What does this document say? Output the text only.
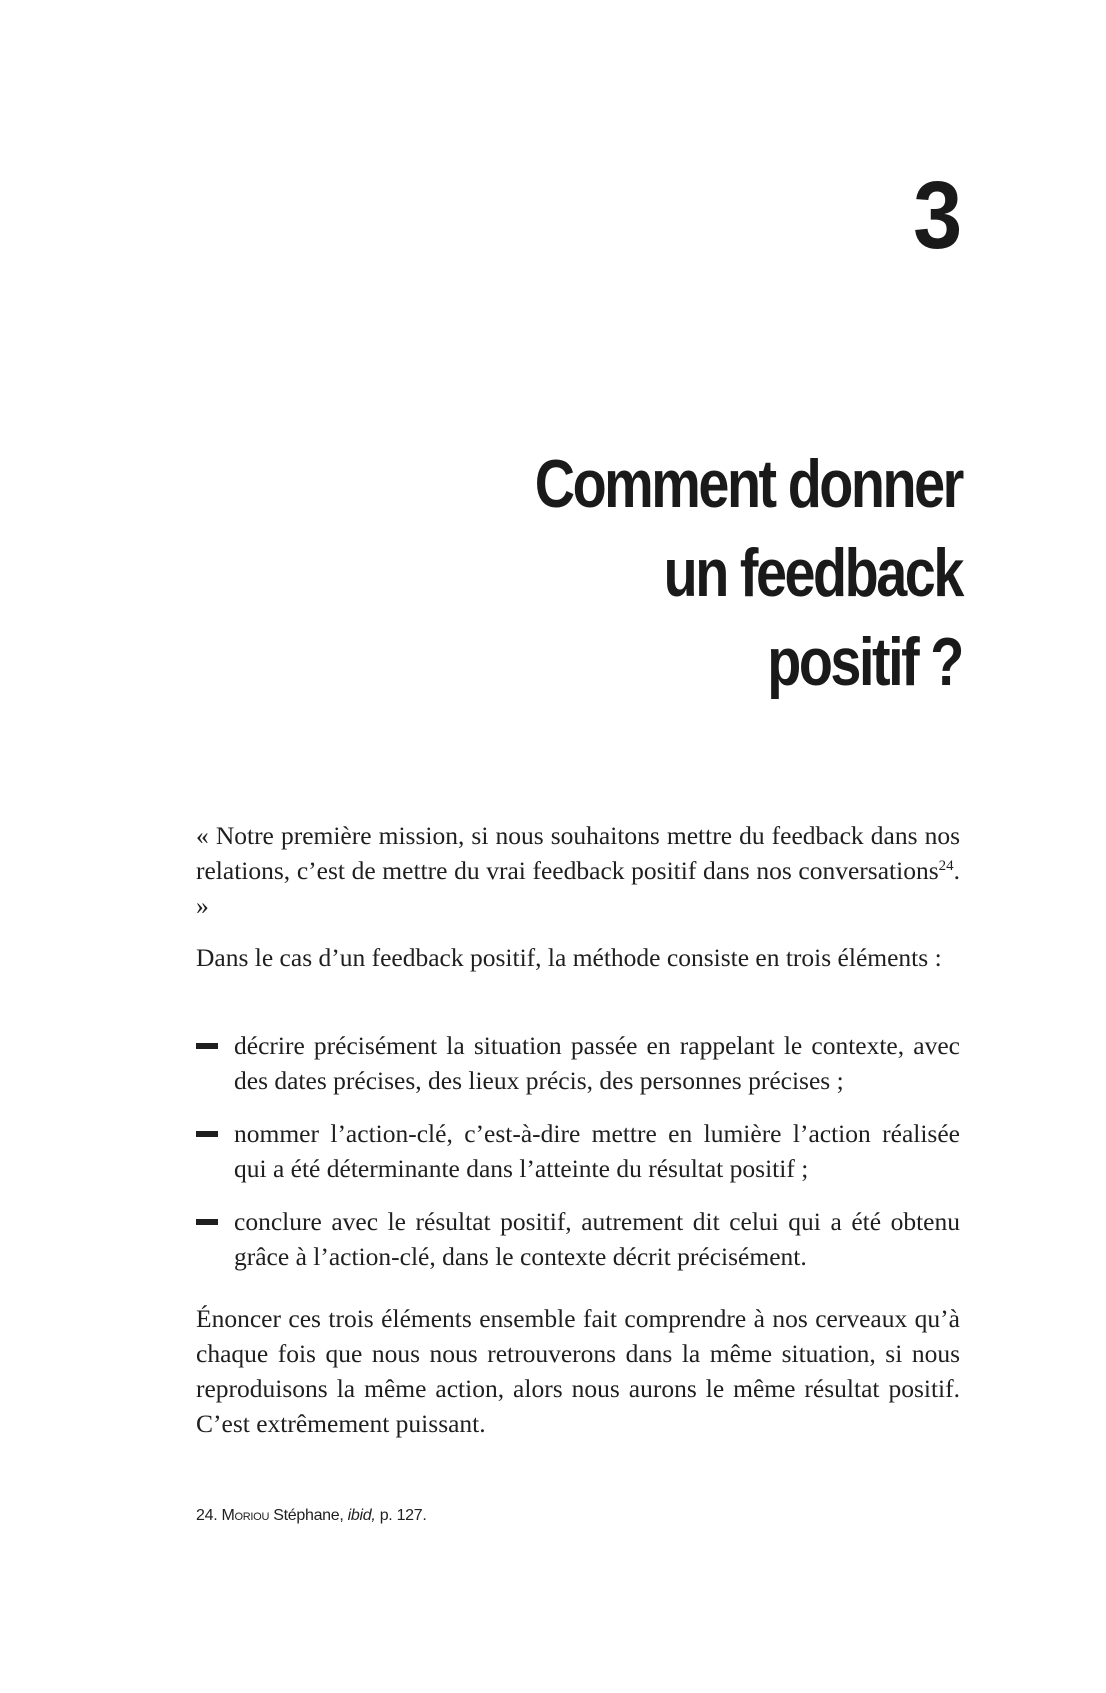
3
Comment donner
un feedback
positif ?

« Notre première mission, si nous souhaitons mettre du feedback dans nos relations, c’est de mettre du vrai feedback positif dans nos conversations$^{24}$. »

Dans le cas d’un feedback positif, la méthode consiste en trois éléments :

décrire précisément la situation passée en rappelant le contexte, avec des dates précises, des lieux précis, des personnes précises ;
nommer l’action-clé, c’est-à-dire mettre en lumière l’action réalisée qui a été déterminante dans l’atteinte du résultat positif ;
conclure avec le résultat positif, autrement dit celui qui a été obtenu grâce à l’action-clé, dans le contexte décrit précisément.

Énoncer ces trois éléments ensemble fait comprendre à nos cerveaux qu’à chaque fois que nous nous retrouverons dans la même situation, si nous reproduisons la même action, alors nous aurons le même résultat positif. C’est extrêmement puissant.

24. Moriou Stéphane, ibid, p. 127.
